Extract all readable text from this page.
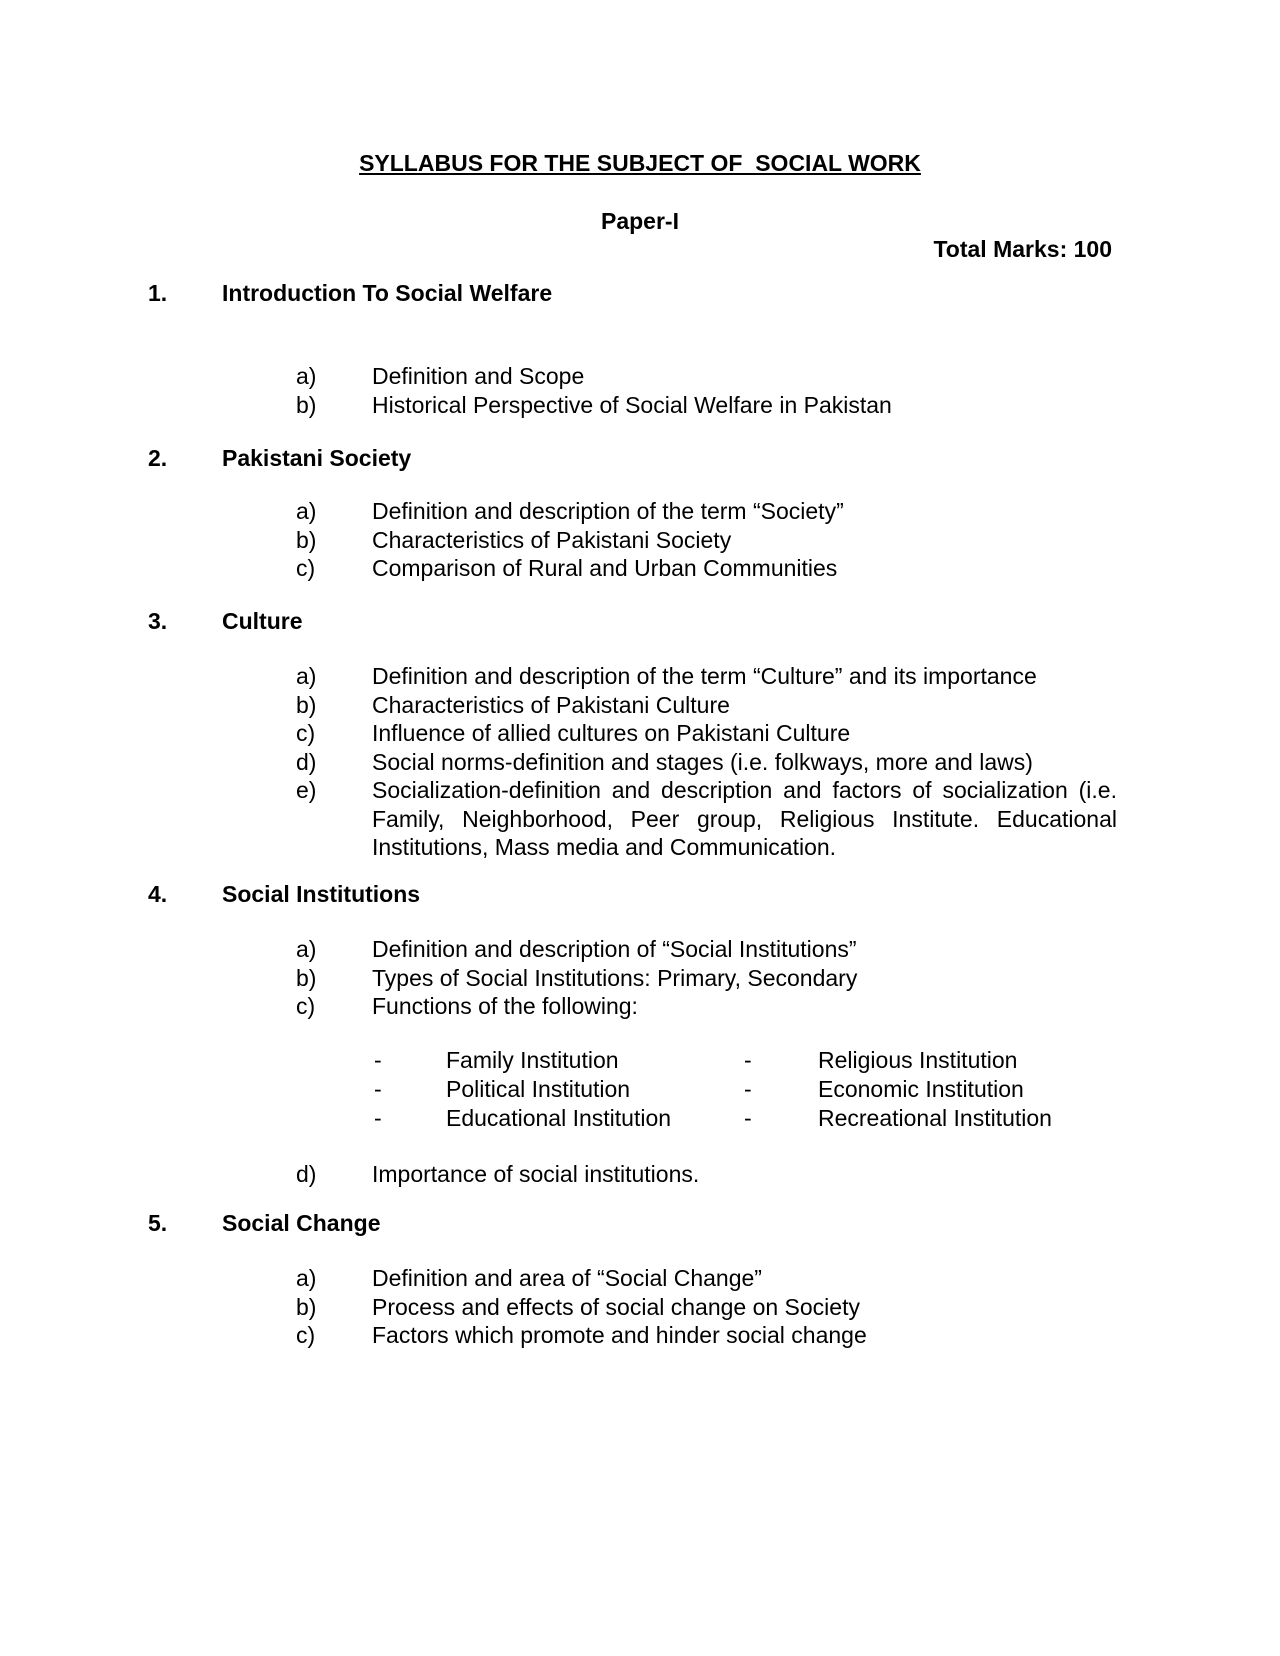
SYLLABUS FOR THE SUBJECT OF  SOCIAL WORK
Paper-I
Total Marks: 100
1. Introduction To Social Welfare
a) Definition and Scope
b) Historical Perspective of Social Welfare in Pakistan
2. Pakistani Society
a) Definition and description of the term “Society”
b) Characteristics of Pakistani Society
c) Comparison of Rural and Urban Communities
3. Culture
a) Definition and description of the term “Culture” and its importance
b) Characteristics of Pakistani Culture
c) Influence of allied cultures on Pakistani Culture
d) Social norms-definition and stages (i.e. folkways, more and laws)
e) Socialization-definition and description and factors of socialization (i.e. Family, Neighborhood, Peer group, Religious Institute. Educational Institutions, Mass media and Communication.
4. Social Institutions
a) Definition and description of “Social Institutions”
b) Types of Social Institutions: Primary, Secondary
c) Functions of the following:
-	Family Institution	-	Religious Institution
-	Political Institution	-	Economic Institution
-	Educational Institution	-	Recreational Institution
d) Importance of social institutions.
5. Social Change
a) Definition and area of “Social Change”
b) Process and effects of social change on Society
c) Factors which promote and hinder social change
